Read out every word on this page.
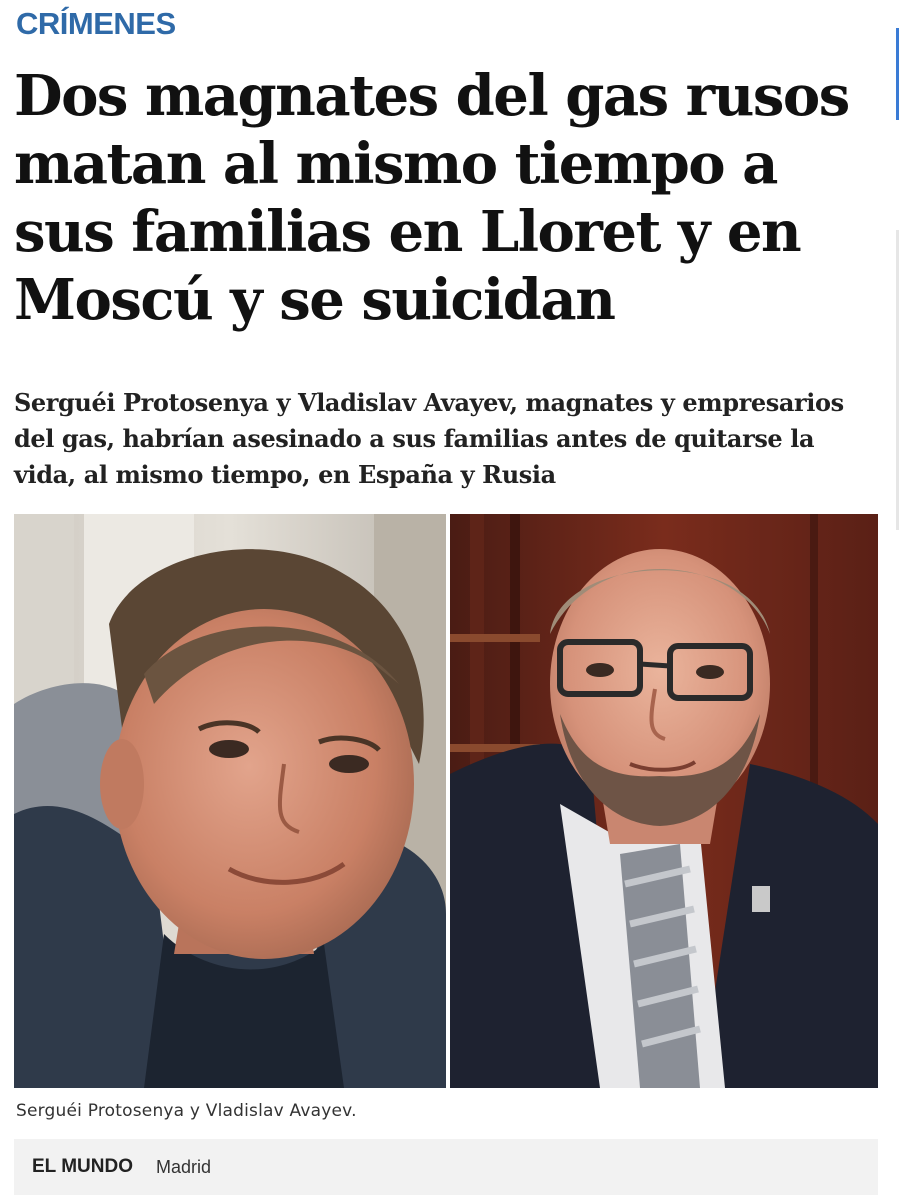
CRÍMENES
Dos magnates del gas rusos matan al mismo tiempo a sus familias en Lloret y en Moscú y se suicidan

Serguéi Protosenya y Vladislav Avayev, magnates y empresarios del gas, habrían asesinado a sus familias antes de quitarse la vida, al mismo tiempo, en España y Rusia

Serguéi Protosenya y Vladislav Avayev.
EL MUNDO Madrid
